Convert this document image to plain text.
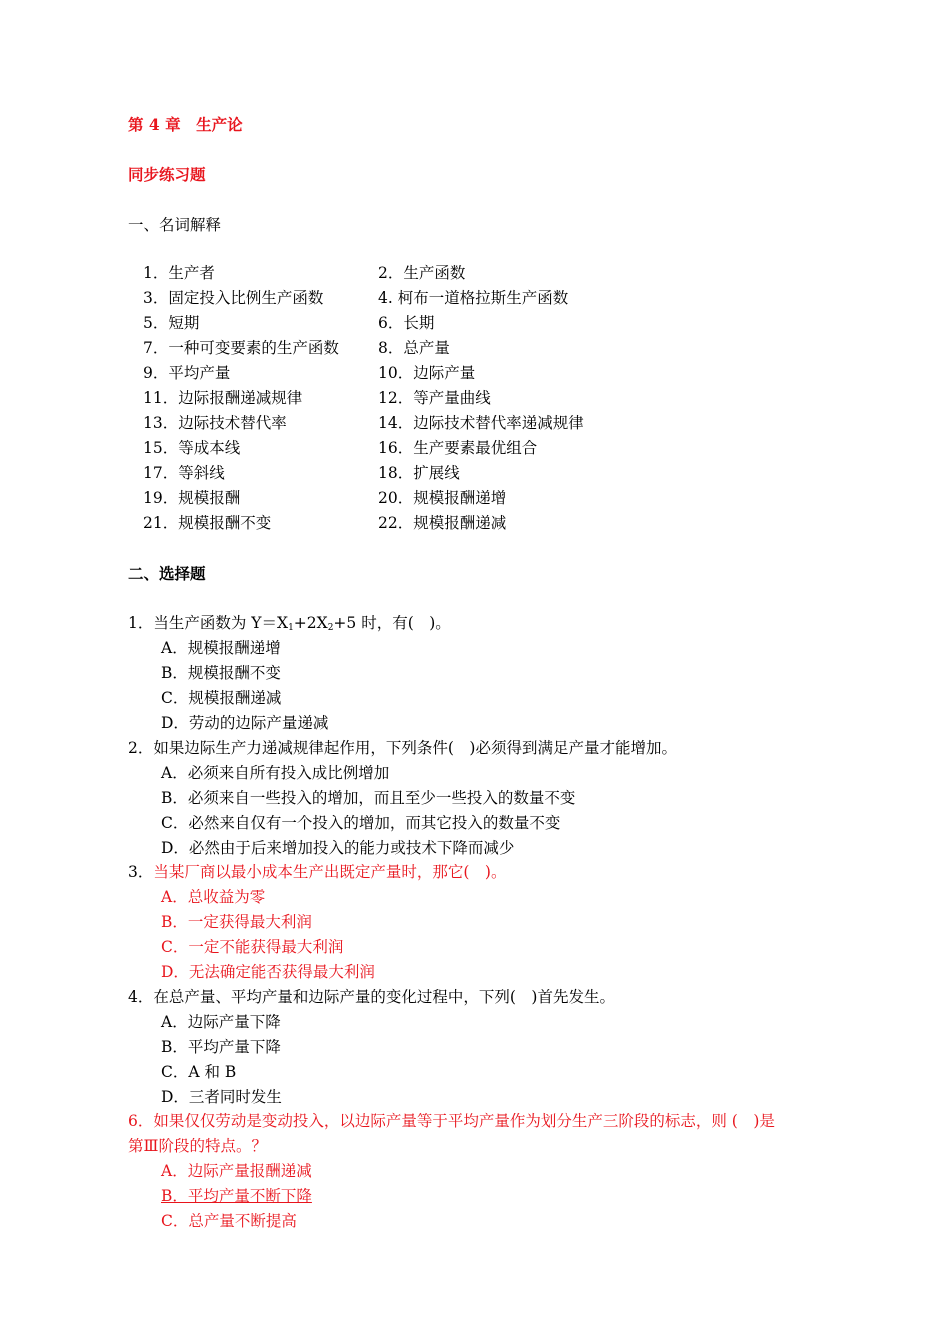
第 4 章　生产论
同步练习题
一、名词解释
1．生产者	2．生产函数
3．固定投入比例生产函数	4. 柯布一道格拉斯生产函数
5．短期	6．长期
7．一种可变要素的生产函数	8．总产量
9．平均产量	10．边际产量
11．边际报酬递减规律	12．等产量曲线
13．边际技术替代率	14．边际技术替代率递减规律
15．等成本线	16．生产要素最优组合
17．等斜线	18．扩展线
19．规模报酬	20．规模报酬递增
21．规模报酬不变	22．规模报酬递减
二、选择题
1．当生产函数为 $Y=X_1+2X_2+5$ 时，有(　)。
A．规模报酬递增
B．规模报酬不变
C．规模报酬递减
D．劳动的边际产量递减
2．如果边际生产力递减规律起作用，下列条件(　)必须得到满足产量才能增加。
A．必须来自所有投入成比例增加
B．必须来自一些投入的增加，而且至少一些投入的数量不变
C．必然来自仅有一个投入的增加，而其它投入的数量不变
D．必然由于后来增加投入的能力或技术下降而减少
3．当某厂商以最小成本生产出既定产量时，那它(　)。
A．总收益为零
B．一定获得最大利润
C．一定不能获得最大利润
D．无法确定能否获得最大利润
4．在总产量、平均产量和边际产量的变化过程中，下列(　)首先发生。
A．边际产量下降
B．平均产量下降
C．A 和 B
D．三者同时发生
6．如果仅仅劳动是变动投入，以边际产量等于平均产量作为划分生产三阶段的标志，则 (　)是
第Ⅲ阶段的特点。？
A．边际产量报酬递减
B．平均产量不断下降
C．总产量不断提高
